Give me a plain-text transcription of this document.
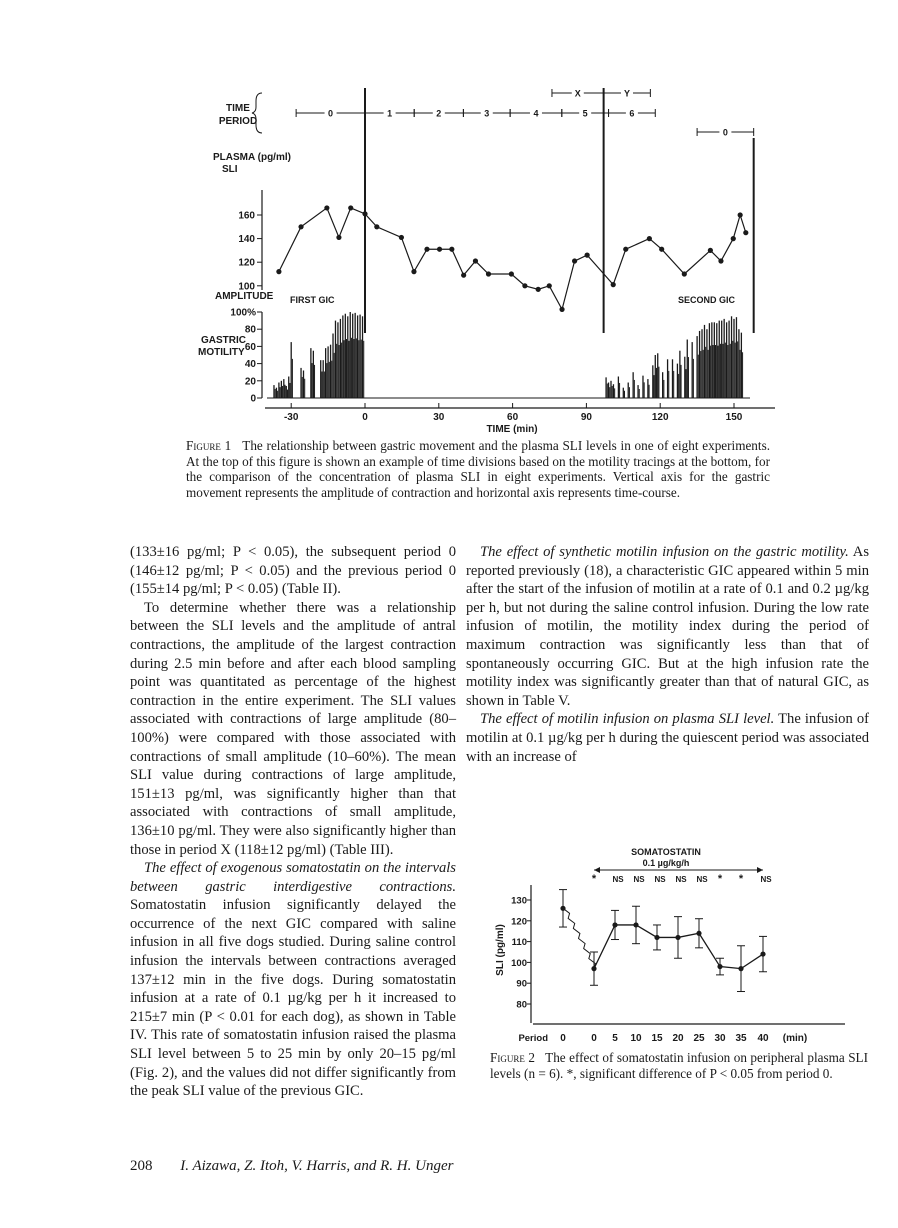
TIME
PERIOD
0	1	2	3	4	5	6
X	Y
0
PLASMA (pg/ml)
SLI
100
120
140
160
AMPLITUDE
GASTRIC
MOTILITY
FIRST GIC	SECOND GIC
0
20
40
60
80
100%
-30	0	30	60	90	120	150
TIME (min)
Figure 1 The relationship between gastric movement and the plasma SLI levels in one of eight experiments. At the top of this figure is shown an example of time divisions based on the motility tracings at the bottom, for the comparison of the concentration of plasma SLI in eight experiments. Vertical axis for the gastric movement represents the amplitude of contraction and horizontal axis represents time-course.

(133±16 pg/ml; P < 0.05), the subsequent period 0 (146±12 pg/ml; P < 0.05) and the previous period 0 (155±14 pg/ml; P < 0.05) (Table II).

To determine whether there was a relationship between the SLI levels and the amplitude of antral contractions, the amplitude of the largest contraction during 2.5 min before and after each blood sampling point was quantitated as percentage of the highest contraction in the entire experiment. The SLI values associated with contractions of large amplitude (80–100%) were compared with those associated with contractions of small amplitude (10–60%). The mean SLI value during contractions of large amplitude, 151±13 pg/ml, was significantly higher than that associated with contractions of small amplitude, 136±10 pg/ml. They were also significantly higher than those in period X (118±12 pg/ml) (Table III).

The effect of exogenous somatostatin on the intervals between gastric interdigestive contractions. Somatostatin infusion significantly delayed the occurrence of the next GIC compared with saline infusion in all five dogs studied. During saline control infusion the intervals between contractions averaged 137±12 min in the five dogs. During somatostatin infusion at a rate of 0.1 µg/kg per h it increased to 215±7 min (P < 0.01 for each dog), as shown in Table IV. This rate of somatostatin infusion raised the plasma SLI level between 5 to 25 min by only 20–15 pg/ml (Fig. 2), and the values did not differ significantly from the peak SLI value of the previous GIC.

The effect of synthetic motilin infusion on the gastric motility. As reported previously (18), a characteristic GIC appeared within 5 min after the start of the infusion of motilin at a rate of 0.1 and 0.2 µg/kg per h, but not during the saline control infusion. During the low rate infusion of motilin, the motility index during the period of maximum contraction was significantly less than that of spontaneously occurring GIC. But at the high infusion rate the motility index was significantly greater than that of natural GIC, as shown in Table V.

The effect of motilin infusion on plasma SLI level. The infusion of motilin at 0.1 µg/kg per h during the quiescent period was associated with an increase of

SOMATOSTATIN
0.1 µg/kg/h
* NS NS NS NS NS * * NS
80
90
100
110
120
130
SLI (pg/ml)
0	0 5 10 15 20 25 30 35 40
Period	(min)
Figure 2 The effect of somatostatin infusion on peripheral plasma SLI levels (n = 6). *, significant difference of P < 0.05 from period 0.
208 I. Aizawa, Z. Itoh, V. Harris, and R. H. Unger
